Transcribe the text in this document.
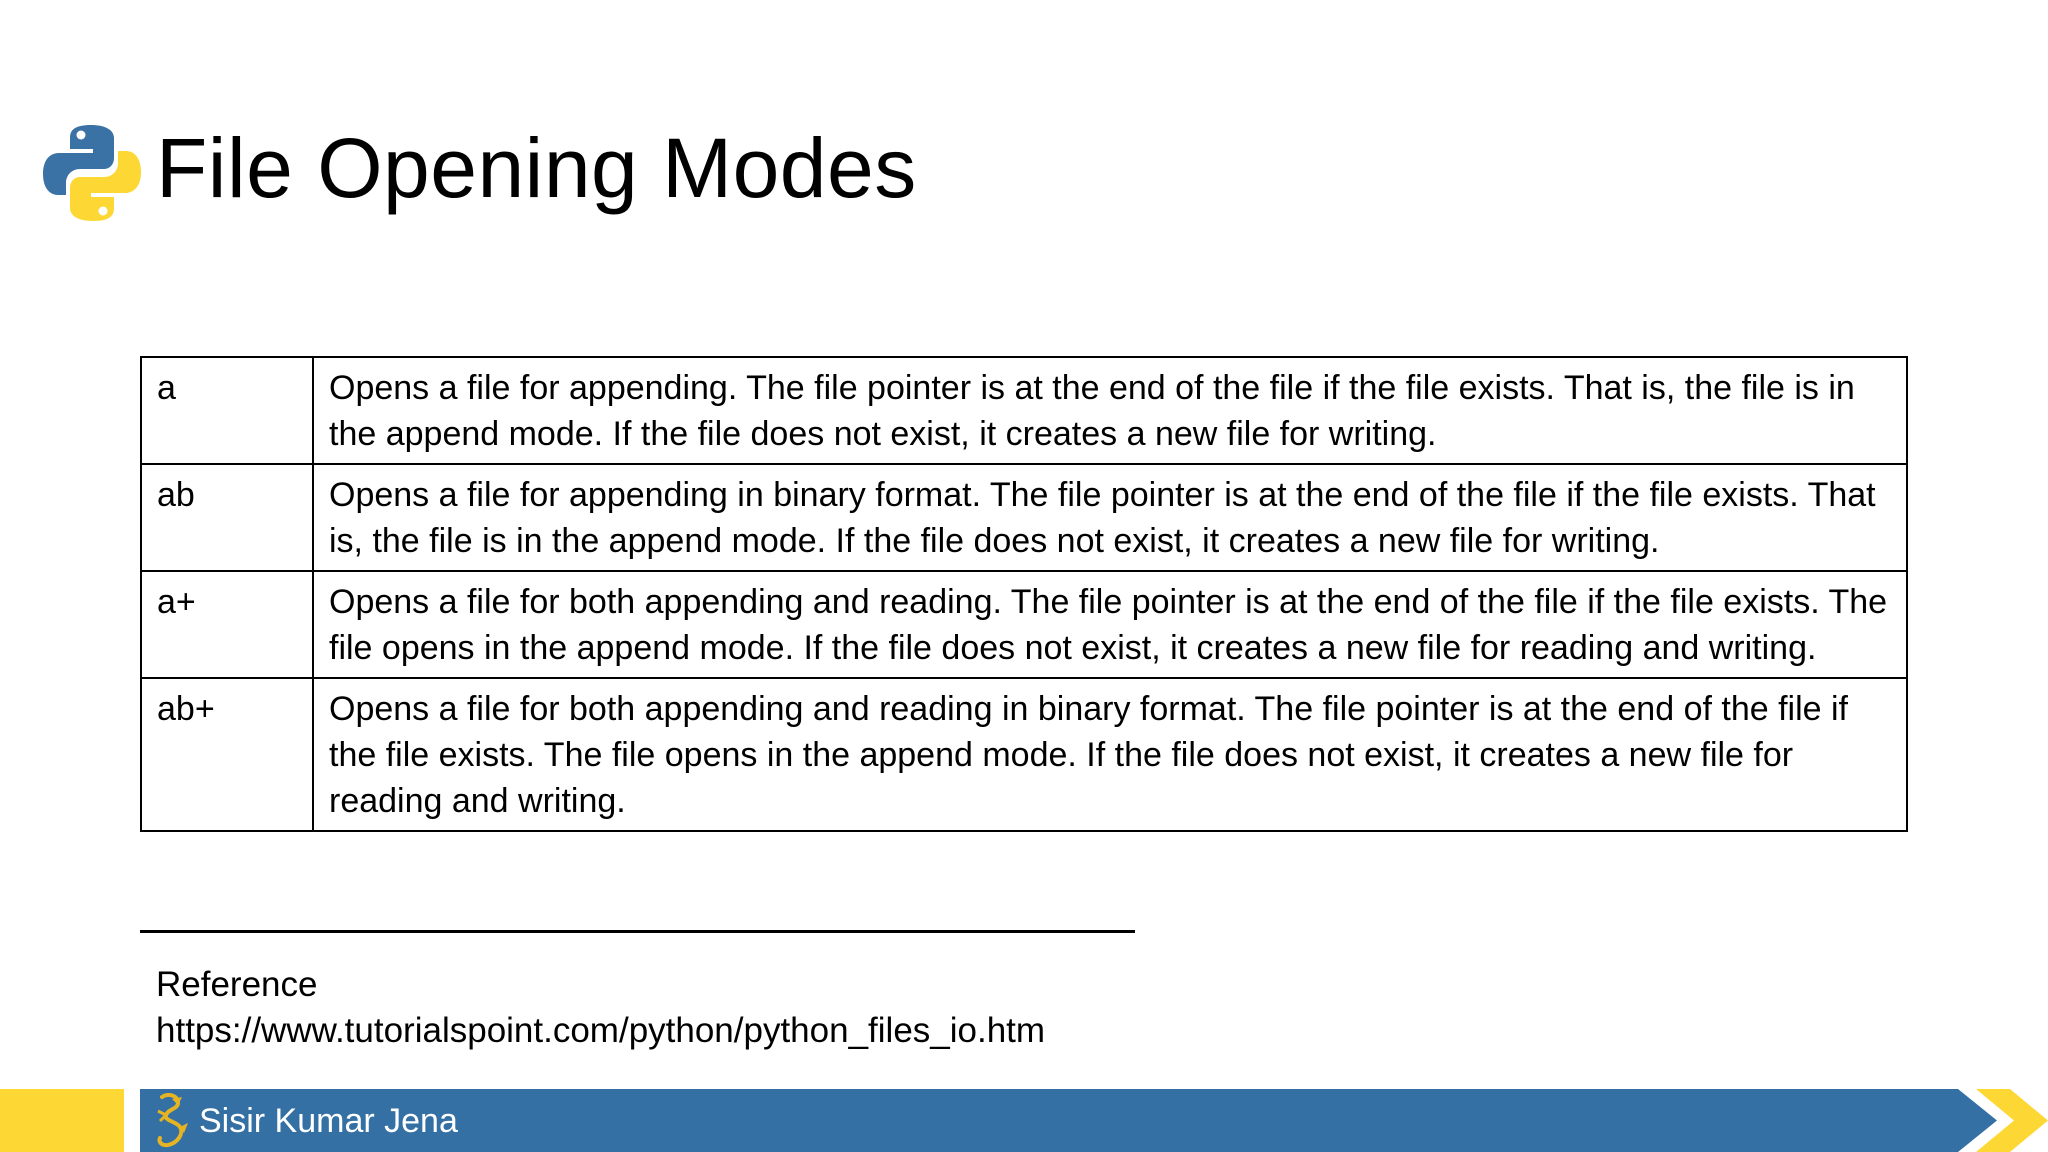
File Opening Modes
a	Opens a file for appending. The file pointer is at the end of the file if the file exists. That is, the file is in the append mode. If the file does not exist, it creates a new file for writing.
ab	Opens a file for appending in binary format. The file pointer is at the end of the file if the file exists. That is, the file is in the append mode. If the file does not exist, it creates a new file for writing.
a+	Opens a file for both appending and reading. The file pointer is at the end of the file if the file exists. The file opens in the append mode. If the file does not exist, it creates a new file for reading and writing.
ab+	Opens a file for both appending and reading in binary format. The file pointer is at the end of the file if the file exists. The file opens in the append mode. If the file does not exist, it creates a new file for reading and writing.
Reference
https://www.tutorialspoint.com/python/python_files_io.htm
Sisir Kumar Jena
